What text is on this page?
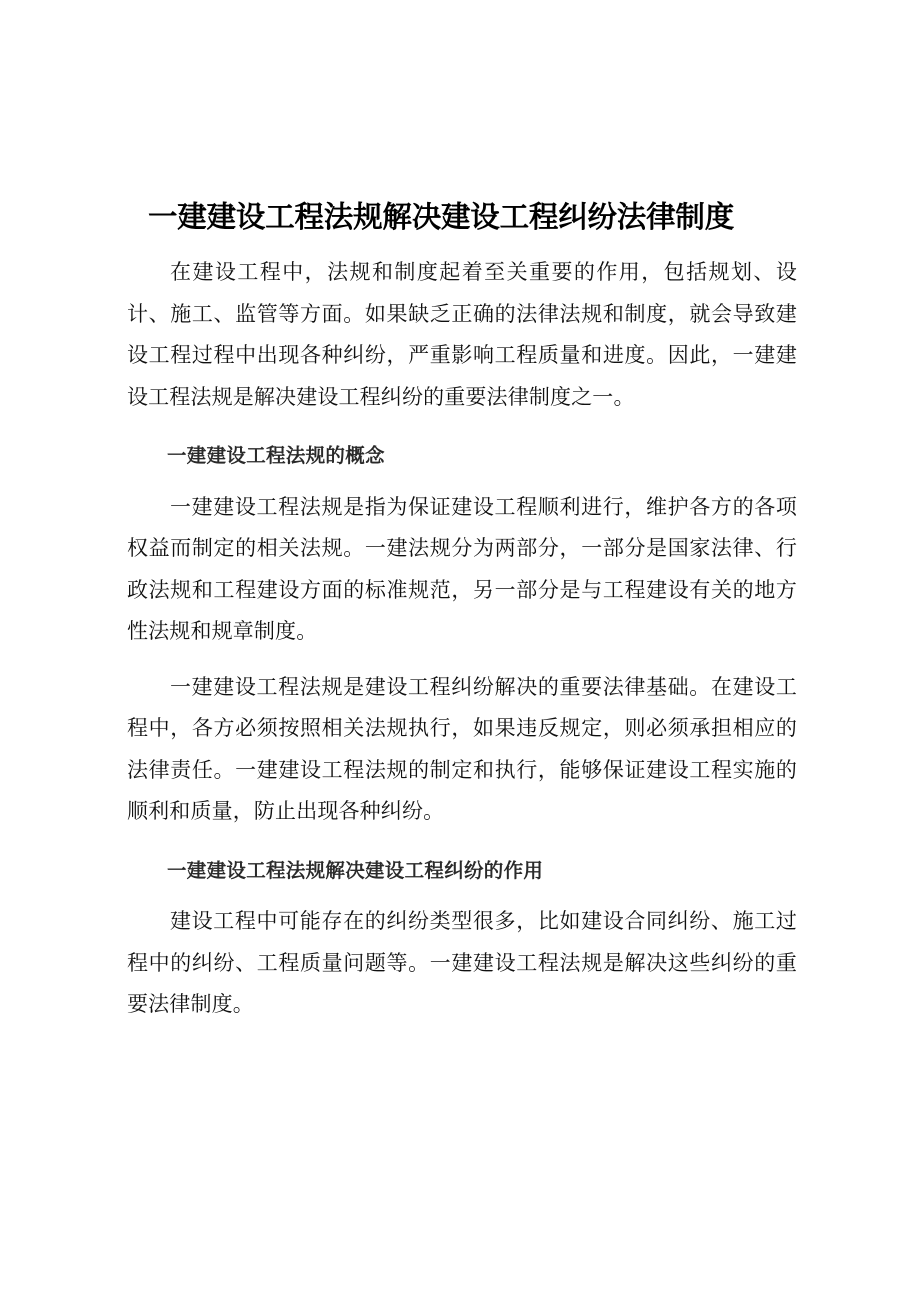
一建建设工程法规解决建设工程纠纷法律制度

在建设工程中，法规和制度起着至关重要的作用，包括规划、设计、施工、监管等方面。如果缺乏正确的法律法规和制度，就会导致建设工程过程中出现各种纠纷，严重影响工程质量和进度。因此，一建建设工程法规是解决建设工程纠纷的重要法律制度之一。

一建建设工程法规的概念

一建建设工程法规是指为保证建设工程顺利进行，维护各方的各项权益而制定的相关法规。一建法规分为两部分，一部分是国家法律、行政法规和工程建设方面的标准规范，另一部分是与工程建设有关的地方性法规和规章制度。

一建建设工程法规是建设工程纠纷解决的重要法律基础。在建设工程中，各方必须按照相关法规执行，如果违反规定，则必须承担相应的法律责任。一建建设工程法规的制定和执行，能够保证建设工程实施的顺利和质量，防止出现各种纠纷。

一建建设工程法规解决建设工程纠纷的作用

建设工程中可能存在的纠纷类型很多，比如建设合同纠纷、施工过程中的纠纷、工程质量问题等。一建建设工程法规是解决这些纠纷的重要法律制度。
